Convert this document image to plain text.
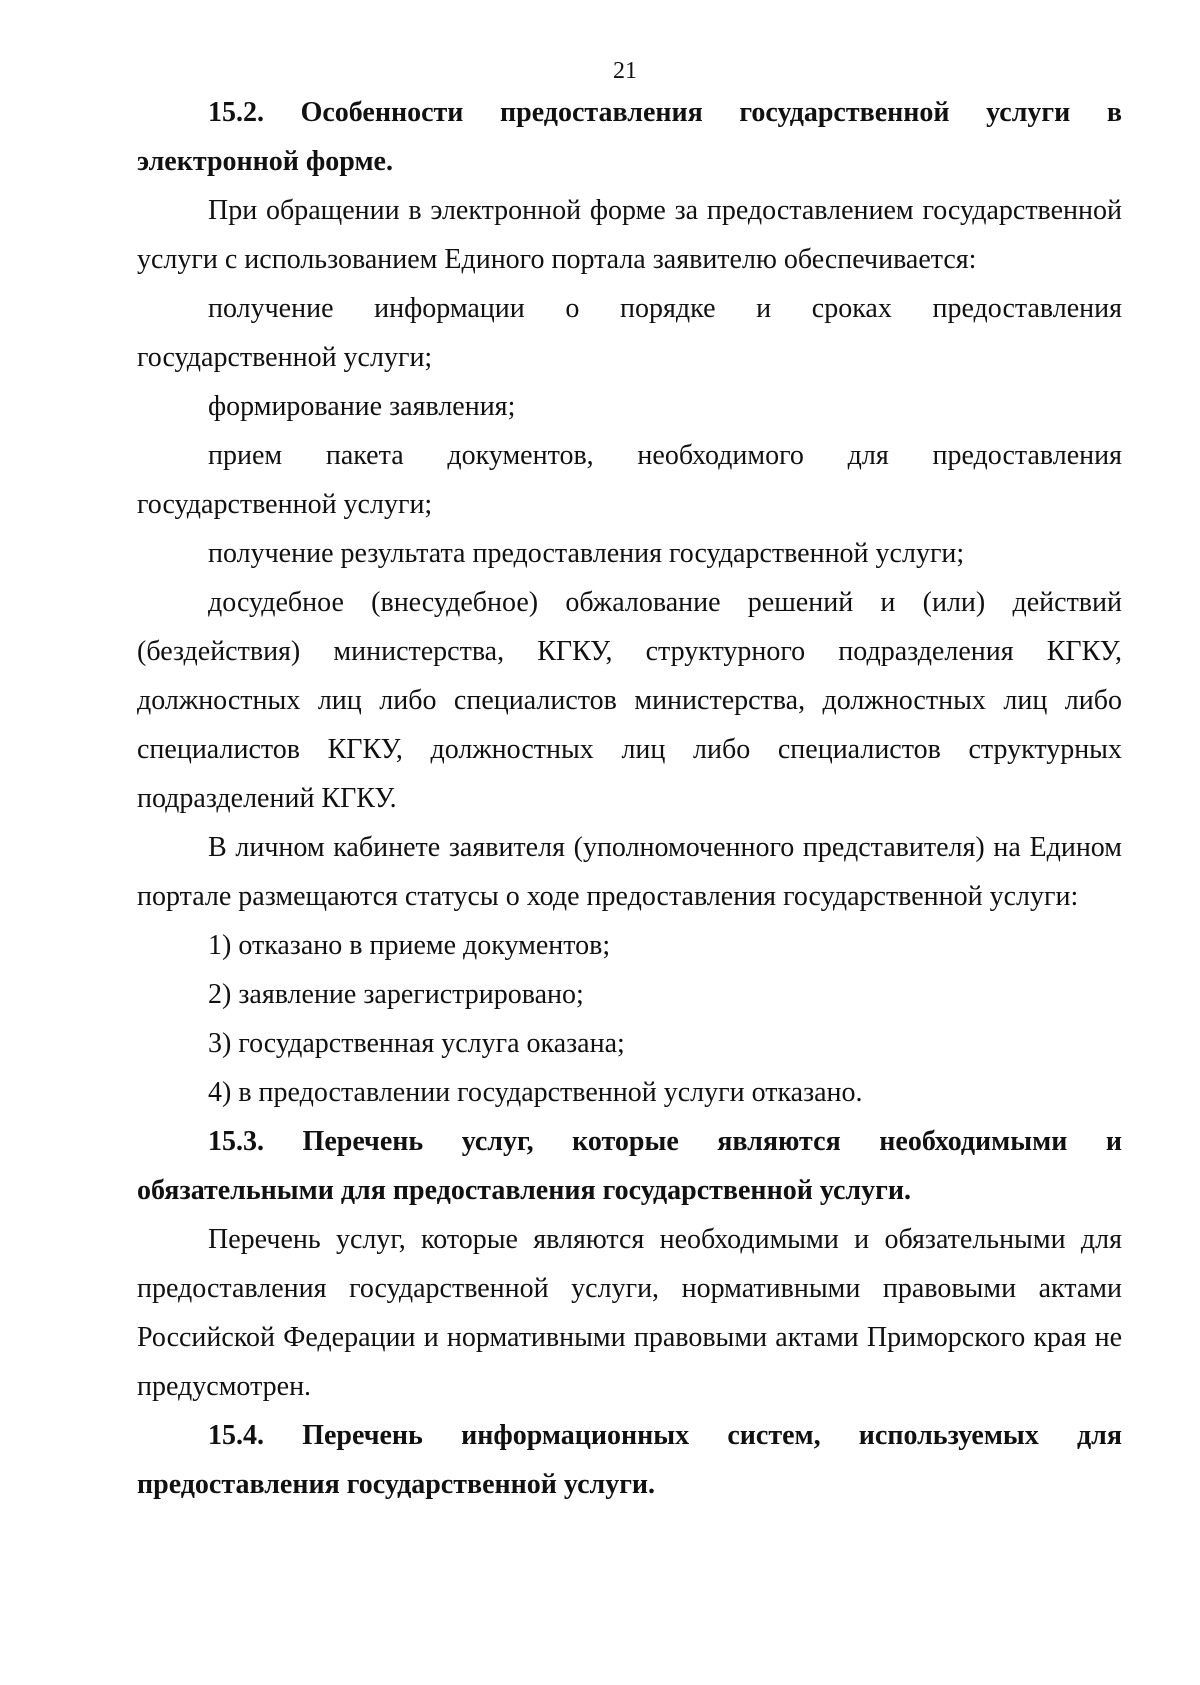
21

15.2. Особенности предоставления государственной услуги в электронной форме.

При обращении в электронной форме за предоставлением государственной услуги с использованием Единого портала заявителю обеспечивается:

получение информации о порядке и сроках предоставления государственной услуги;

формирование заявления;

прием пакета документов, необходимого для предоставления государственной услуги;

получение результата предоставления государственной услуги;

досудебное (внесудебное) обжалование решений и (или) действий (бездействия) министерства, КГКУ, структурного подразделения КГКУ, должностных лиц либо специалистов министерства, должностных лиц либо специалистов КГКУ, должностных лиц либо специалистов структурных подразделений КГКУ.

В личном кабинете заявителя (уполномоченного представителя) на Едином портале размещаются статусы о ходе предоставления государственной услуги:

1) отказано в приеме документов;

2) заявление зарегистрировано;

3) государственная услуга оказана;

4) в предоставлении государственной услуги отказано.

15.3. Перечень услуг, которые являются необходимыми и обязательными для предоставления государственной услуги.

Перечень услуг, которые являются необходимыми и обязательными для предоставления государственной услуги, нормативными правовыми актами Российской Федерации и нормативными правовыми актами Приморского края не предусмотрен.

15.4. Перечень информационных систем, используемых для предоставления государственной услуги.
